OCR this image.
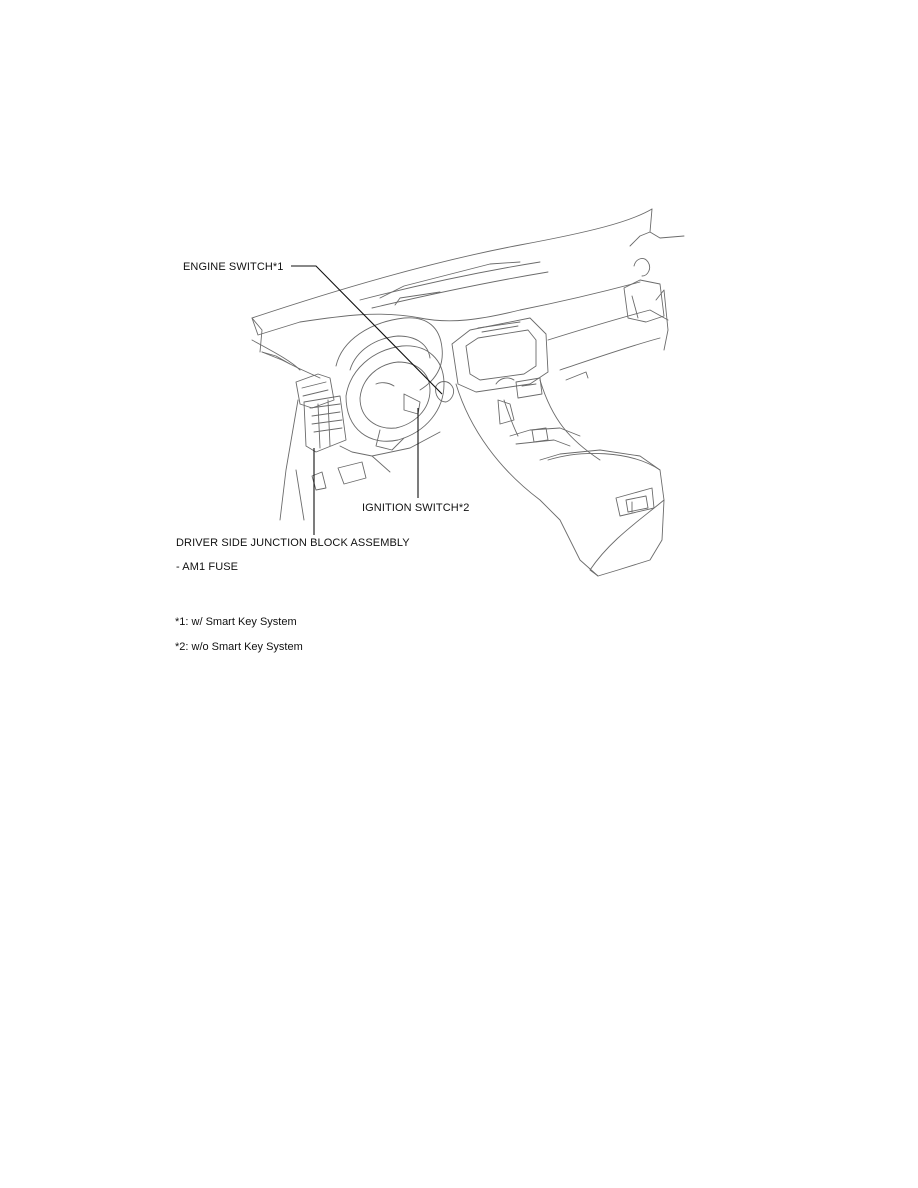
ENGINE SWITCH*1
IGNITION SWITCH*2
DRIVER SIDE JUNCTION BLOCK ASSEMBLY
- AM1 FUSE
*1: w/ Smart Key System
*2: w/o Smart Key System
